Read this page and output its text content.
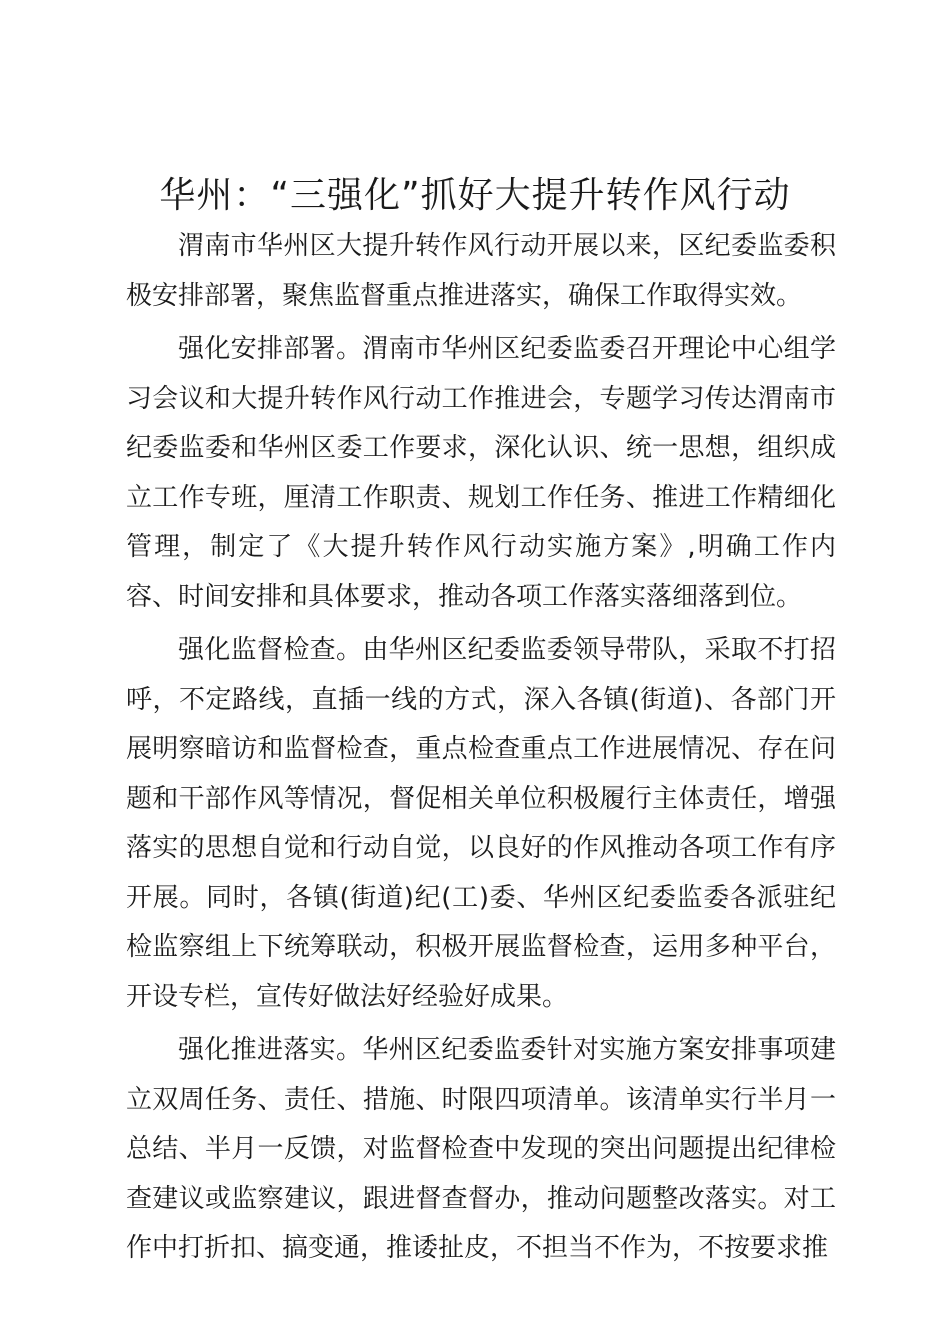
华州：“三强化”抓好大提升转作风行动

渭南市华州区大提升转作风行动开展以来，区纪委监委积极安排部署，聚焦监督重点推进落实，确保工作取得实效。

强化安排部署。渭南市华州区纪委监委召开理论中心组学习会议和大提升转作风行动工作推进会，专题学习传达渭南市纪委监委和华州区委工作要求，深化认识、统一思想，组织成立工作专班，厘清工作职责、规划工作任务、推进工作精细化管理，制定了《大提升转作风行动实施方案》,明确工作内容、时间安排和具体要求，推动各项工作落实落细落到位。

强化监督检查。由华州区纪委监委领导带队，采取不打招呼，不定路线，直插一线的方式，深入各镇(街道)、各部门开展明察暗访和监督检查，重点检查重点工作进展情况、存在问题和干部作风等情况，督促相关单位积极履行主体责任，增强落实的思想自觉和行动自觉，以良好的作风推动各项工作有序开展。同时，各镇(街道)纪(工)委、华州区纪委监委各派驻纪检监察组上下统筹联动，积极开展监督检查，运用多种平台，开设专栏，宣传好做法好经验好成果。

强化推进落实。华州区纪委监委针对实施方案安排事项建立双周任务、责任、措施、时限四项清单。该清单实行半月一总结、半月一反馈，对监督检查中发现的突出问题提出纪律检查建议或监察建议，跟进督查督办，推动问题整改落实。对工作中打折扣、搞变通，推诿扯皮，不担当不作为，不按要求推
